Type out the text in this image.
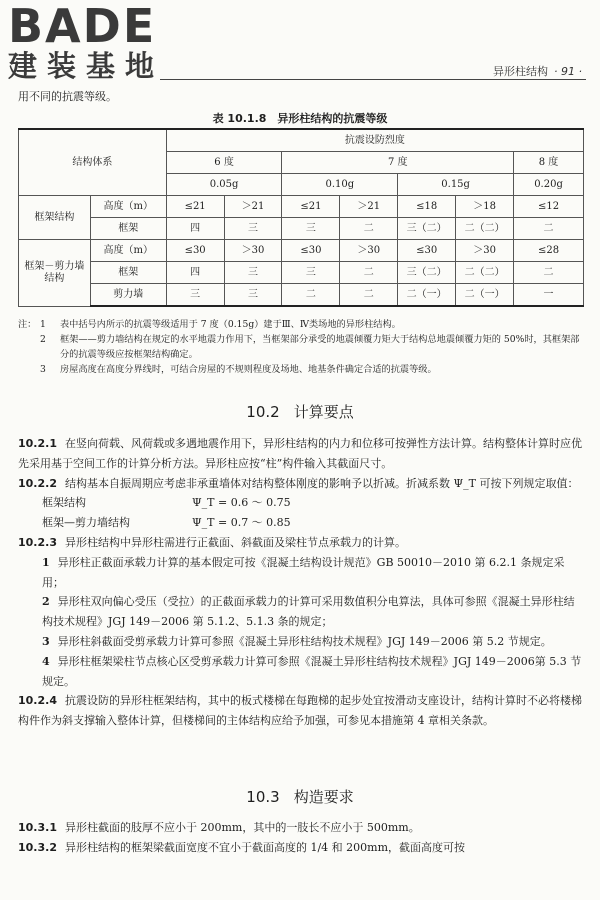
BADE
建装基地	异形柱结构 · 91 ·
用不同的抗震等级。
表 10.1.8　异形柱结构的抗震等级
结构体系		抗震设防烈度						
		6 度		7 度				8 度
		0.05g		0.10g		0.15g		0.20g
框架结构	高度（m）	≤21	＞21	≤21	＞21	≤18	＞18	≤12
	框架	四	三	三	二	三（二）	二（二）	二
框架－剪力墙结构	高度（m）	≤30	＞30	≤30	＞30	≤30	＞30	≤28
	框架	四	三	三	二	三（二）	二（二）	二
	剪力墙	三	三	二	二	二（一）	二（一）	一
注： 1	表中括号内所示的抗震等级适用于 7 度（0.15g）建于Ⅲ、Ⅳ类场地的异形柱结构。
2	框架——剪力墙结构在规定的水平地震力作用下，当框架部分承受的地震倾覆力矩大于结构总地震倾覆力矩的 50%时，其框架部分的抗震等级应按框架结构确定。
3	房屋高度在高度分界线时，可结合房屋的不规则程度及场地、地基条件确定合适的抗震等级。
10.2 计算要点

10.2.1 在竖向荷载、风荷载或多遇地震作用下，异形柱结构的内力和位移可按弹性方法计算。结构整体计算时应优先采用基于空间工作的计算分析方法。异形柱应按“柱”构件输入其截面尺寸。

10.2.2 结构基本自振周期应考虑非承重墙体对结构整体刚度的影响予以折减。折减系数 Ψ_T 可按下列规定取值：

框架结构	Ψ_T = 0.6 ～ 0.75
框架—剪力墙结构	Ψ_T = 0.7 ～ 0.85

10.2.3 异形柱结构中异形柱需进行正截面、斜截面及梁柱节点承载力的计算。

1 异形柱正截面承载力计算的基本假定可按《混凝土结构设计规范》GB 50010－2010 第 6.2.1 条规定采用；

2 异形柱双向偏心受压（受拉）的正截面承载力的计算可采用数值积分电算法，具体可参照《混凝土异形柱结构技术规程》JGJ 149－2006 第 5.1.2、5.1.3 条的规定；

3 异形柱斜截面受剪承载力计算可参照《混凝土异形柱结构技术规程》JGJ 149－2006 第 5.2 节规定。

4 异形柱框架梁柱节点核心区受剪承载力计算可参照《混凝土异形柱结构技术规程》JGJ 149－2006第 5.3 节规定。

10.2.4 抗震设防的异形柱框架结构，其中的板式楼梯在每跑梯的起步处宜按滑动支座设计，结构计算时不必将楼梯构件作为斜支撑输入整体计算，但楼梯间的主体结构应给予加强，可参见本措施第 4 章相关条款。

10.3 构造要求

10.3.1 异形柱截面的肢厚不应小于 200mm，其中的一肢长不应小于 500mm。

10.3.2 异形柱结构的框架梁截面宽度不宜小于截面高度的 1/4 和 200mm，截面高度可按
